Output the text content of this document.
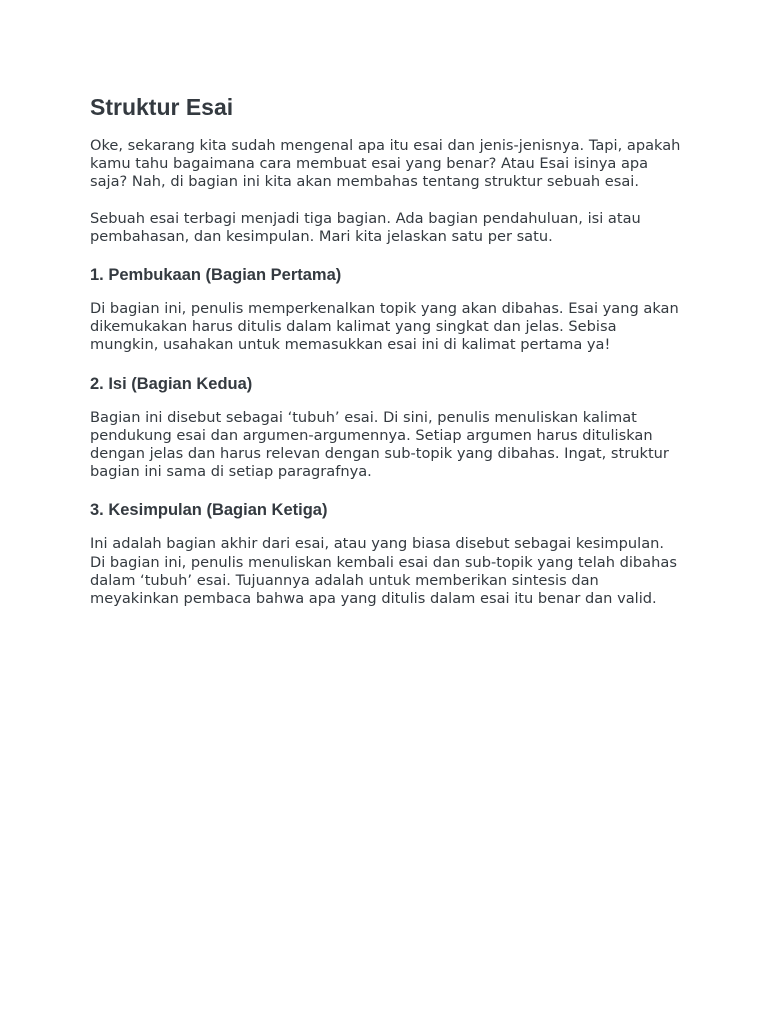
Struktur Esai

Oke, sekarang kita sudah mengenal apa itu esai dan jenis-jenisnya. Tapi, apakah kamu tahu bagaimana cara membuat esai yang benar? Atau Esai isinya apa saja? Nah, di bagian ini kita akan membahas tentang struktur sebuah esai.

Sebuah esai terbagi menjadi tiga bagian. Ada bagian pendahuluan, isi atau pembahasan, dan kesimpulan. Mari kita jelaskan satu per satu.

1. Pembukaan (Bagian Pertama)

Di bagian ini, penulis memperkenalkan topik yang akan dibahas. Esai yang akan dikemukakan harus ditulis dalam kalimat yang singkat dan jelas. Sebisa mungkin, usahakan untuk memasukkan esai ini di kalimat pertama ya!

2. Isi (Bagian Kedua)

Bagian ini disebut sebagai ‘tubuh’ esai. Di sini, penulis menuliskan kalimat pendukung esai dan argumen-argumennya. Setiap argumen harus dituliskan dengan jelas dan harus relevan dengan sub-topik yang dibahas. Ingat, struktur bagian ini sama di setiap paragrafnya.

3. Kesimpulan (Bagian Ketiga)

Ini adalah bagian akhir dari esai, atau yang biasa disebut sebagai kesimpulan. Di bagian ini, penulis menuliskan kembali esai dan sub-topik yang telah dibahas dalam ‘tubuh’ esai. Tujuannya adalah untuk memberikan sintesis dan meyakinkan pembaca bahwa apa yang ditulis dalam esai itu benar dan valid.
